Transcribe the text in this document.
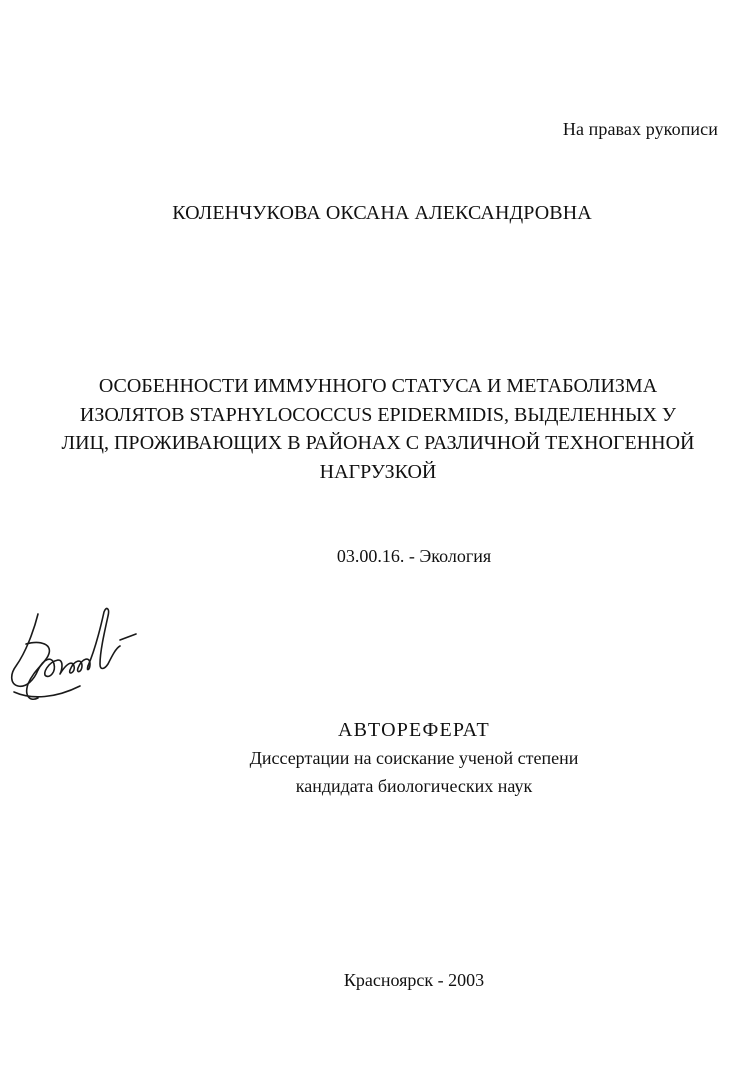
На правах рукописи
КОЛЕНЧУКОВА ОКСАНА АЛЕКСАНДРОВНА
ОСОБЕННОСТИ ИММУННОГО СТАТУСА И МЕТАБОЛИЗМА
ИЗОЛЯТОВ STAPHYLOCOCCUS EPIDERMIDIS, ВЫДЕЛЕННЫХ У
ЛИЦ, ПРОЖИВАЮЩИХ В РАЙОНАХ С РАЗЛИЧНОЙ ТЕХНОГЕННОЙ
НАГРУЗКОЙ
03.00.16. - Экология
АВТОРЕФЕРАТ
Диссертации на соискание ученой степени
кандидата биологических наук
Красноярск - 2003
